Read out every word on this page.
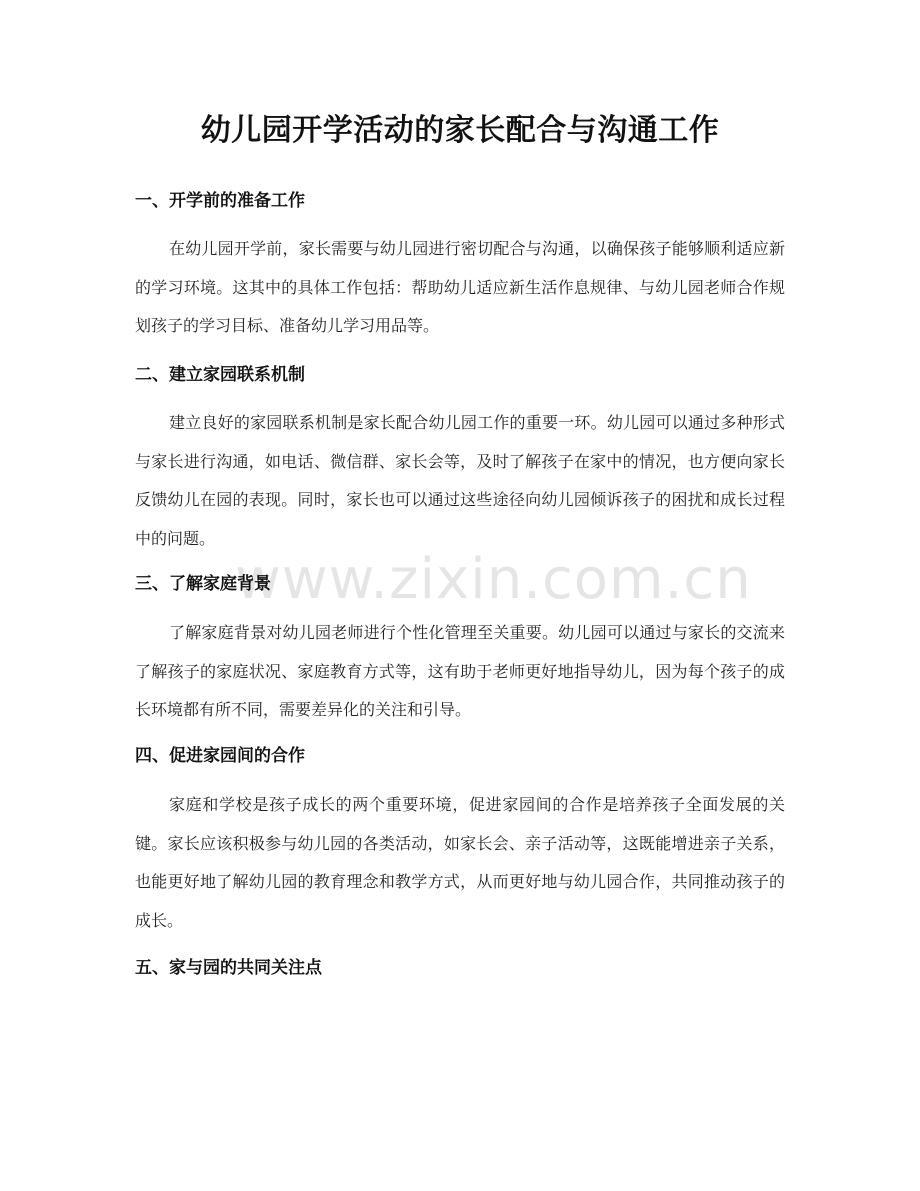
幼儿园开学活动的家长配合与沟通工作
www.zixin.com.cn
一、开学前的准备工作

在幼儿园开学前，家长需要与幼儿园进行密切配合与沟通，以确保孩子能够顺利适应新的学习环境。这其中的具体工作包括：帮助幼儿适应新生活作息规律、与幼儿园老师合作规划孩子的学习目标、准备幼儿学习用品等。

二、建立家园联系机制

建立良好的家园联系机制是家长配合幼儿园工作的重要一环。幼儿园可以通过多种形式与家长进行沟通，如电话、微信群、家长会等，及时了解孩子在家中的情况，也方便向家长反馈幼儿在园的表现。同时，家长也可以通过这些途径向幼儿园倾诉孩子的困扰和成长过程中的问题。

三、了解家庭背景

了解家庭背景对幼儿园老师进行个性化管理至关重要。幼儿园可以通过与家长的交流来了解孩子的家庭状况、家庭教育方式等，这有助于老师更好地指导幼儿，因为每个孩子的成长环境都有所不同，需要差异化的关注和引导。

四、促进家园间的合作

家庭和学校是孩子成长的两个重要环境，促进家园间的合作是培养孩子全面发展的关键。家长应该积极参与幼儿园的各类活动，如家长会、亲子活动等，这既能增进亲子关系，也能更好地了解幼儿园的教育理念和教学方式，从而更好地与幼儿园合作，共同推动孩子的成长。

五、家与园的共同关注点
